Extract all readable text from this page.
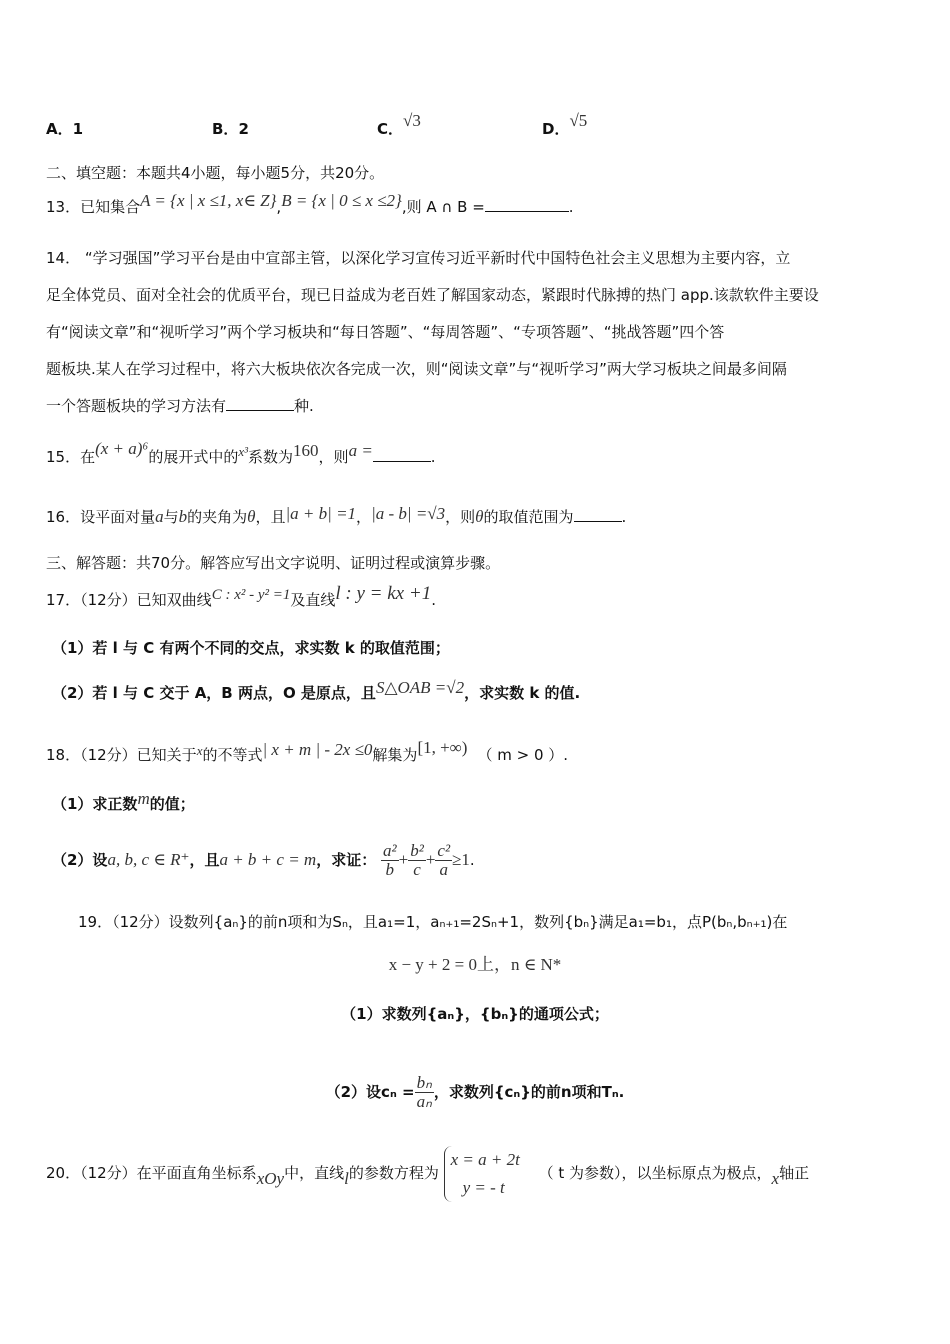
A．1	B．2	C．√3	D．√5
二、填空题：本题共4小题，每小题5分，共20分。
13．已知集合A = {x | x ≤1, x∈ Z},B = {x | 0 ≤ x ≤2},则 A ∩ B =	.
14． “学习强国”学习平台是由中宣部主管，以深化学习宣传习近平新时代中国特色社会主义思想为主要内容，立
足全体党员、面对全社会的优质平台，现已日益成为老百姓了解国家动态，紧跟时代脉搏的热门 app.该款软件主要设
有“阅读文章”和“视听学习”两个学习板块和“每日答题”、“每周答题”、“专项答题”、“挑战答题”四个答
题板块.某人在学习过程中，将六大板块依次各完成一次，则“阅读文章”与“视听学习”两大学习板块之间最多间隔
一个答题板块的学习方法有	种.
15．在(x + a)⁶的展开式中的x³系数为160，则a =	.
16．设平面对量a与b的夹角为θ，且|a + b| =1，|a - b| =√3，则θ的取值范围为	.
三、解答题：共70分。解答应写出文字说明、证明过程或演算步骤。
17．（12分）已知双曲线C : x² - y² =1及直线l : y = kx +1.
（1）若 l 与 C 有两个不同的交点，求实数 k 的取值范围；
（2）若 l 与 C 交于 A，B 两点，O 是原点，且S△OAB =√2，求实数 k 的值.
18．（12分）已知关于x的不等式| x + m | - 2x ≤0解集为[1, +∞) （ m > 0 ）.
（1）求正数m的值；
（2）设a, b, c ∈ R⁺，且a + b + c = m，求证： $\frac{\text{a²}}{b} + \frac{\text{b²}}{c} + \frac{\text{c²}}{a} \ge 1$.
19．（12分）设数列{aₙ}的前n项和为Sₙ，且a₁=1，aₙ₊₁=2Sₙ+1，数列{bₙ}满足a₁=b₁，点P(bₙ,bₙ₊₁)在
x − y + 2 = 0上，n ∈ N*
（1）求数列{aₙ}，{bₙ}的通项公式；
（2）设$c_n = \frac{\text{bₙ}}{\text{aₙ}}$ ，求数列{cₙ}的前n项和Tₙ.
20．（12分）在平面直角坐标系xOy中，直线l的参数方程为
x = a + 2t
y = - t
（ t 为参数），以坐标原点为极点，x轴正
